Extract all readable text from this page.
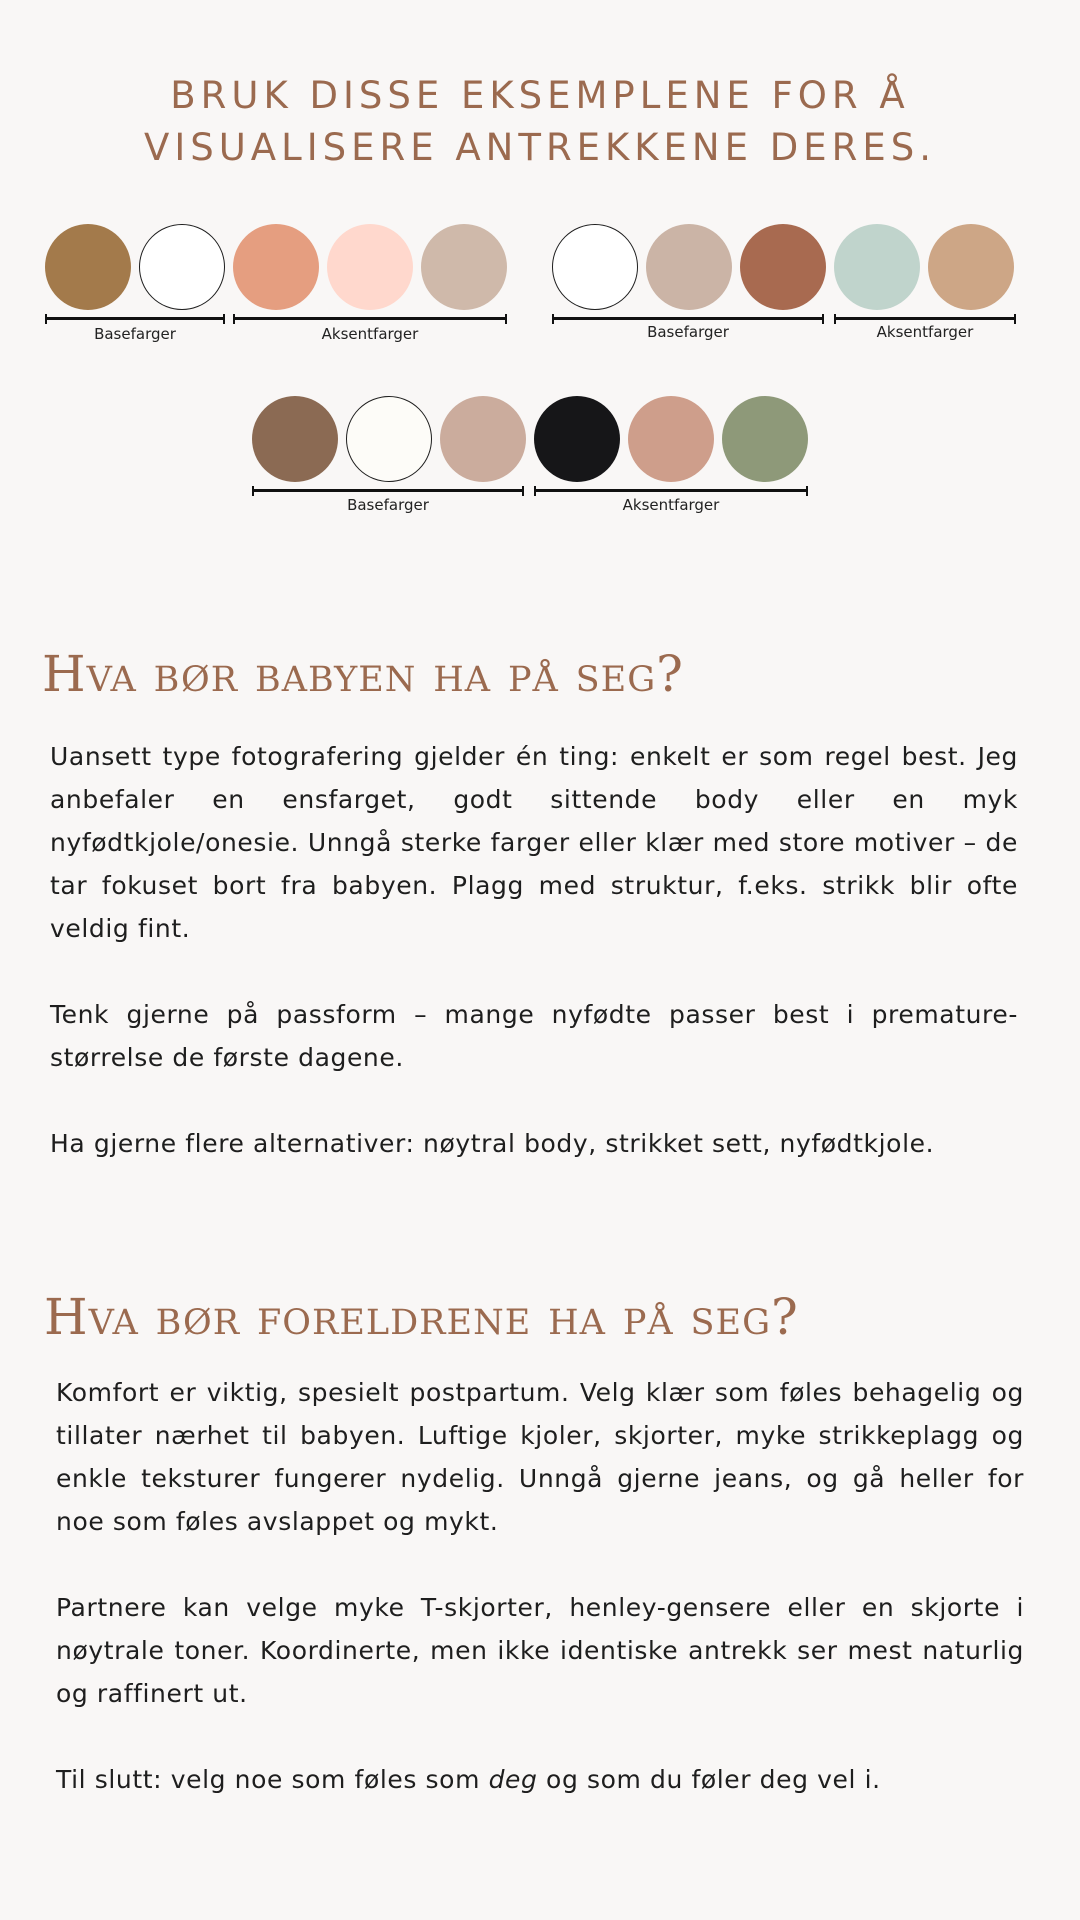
BRUK DISSE EKSEMPLENE FOR Å
VISUALISERE ANTREKKENE DERES.
Basefarger	Aksentfarger	Basefarger	Aksentfarger
Basefarger	Aksentfarger
Hva bør babyen ha på seg?

Uansett type fotografering gjelder én ting: enkelt er som regel best. Jeg anbefaler en ensfarget, godt sittende body eller en myk nyfødtkjole/onesie. Unngå sterke farger eller klær med store motiver – de tar fokuset bort fra babyen. Plagg med struktur, f.eks. strikk blir ofte veldig fint.

Tenk gjerne på passform – mange nyfødte passer best i premature-størrelse de første dagene.

Ha gjerne flere alternativer: nøytral body, strikket sett, nyfødtkjole.

Hva bør foreldrene ha på seg?

Komfort er viktig, spesielt postpartum. Velg klær som føles behagelig og tillater nærhet til babyen. Luftige kjoler, skjorter, myke strikkeplagg og enkle teksturer fungerer nydelig. Unngå gjerne jeans, og gå heller for noe som føles avslappet og mykt.

Partnere kan velge myke T-skjorter, henley-gensere eller en skjorte i nøytrale toner. Koordinerte, men ikke identiske antrekk ser mest naturlig og raffinert ut.

Til slutt: velg noe som føles som deg og som du føler deg vel i.
